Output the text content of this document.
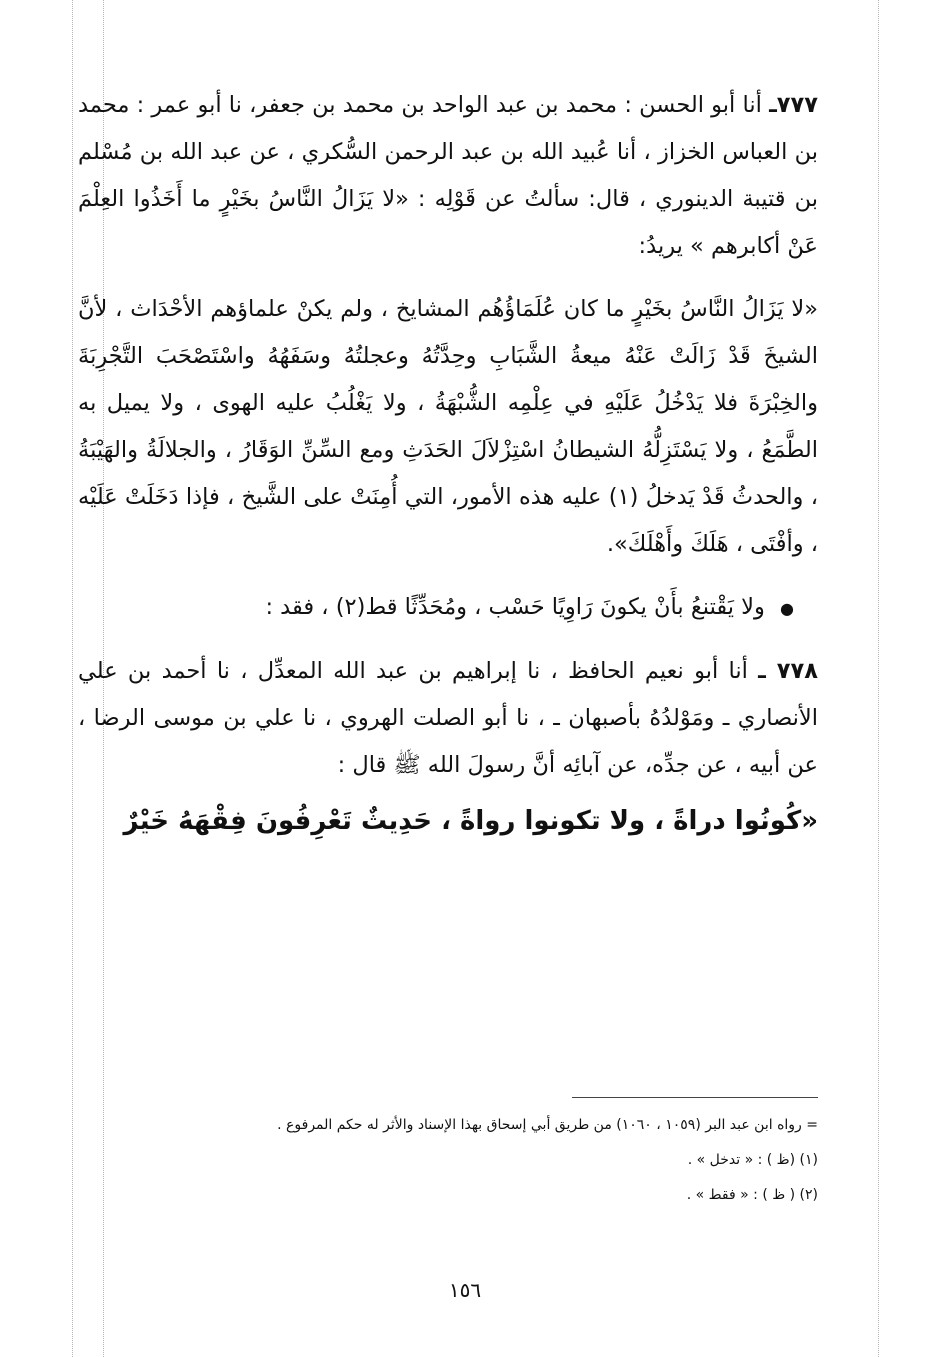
٧٧٧ـ أنا أبو الحسن : محمد بن عبد الواحد بن محمد بن جعفر، نا أبو عمر : محمد بن العباس الخزاز ، أنا عُبيد الله بن عبد الرحمن السُّكري ، عن عبد الله بن مُسْلم بن قتيبة الدينوري ، قال: سألتُ عن قَوْلِه : «لا يَزَالُ النَّاسُ بخَيْرٍ ما أَخَذُوا العِلْمَ عَنْ أكابرهم » يريدُ:

«لا يَزَالُ النَّاسُ بخَيْرٍ ما كان عُلَمَاؤُهُم المشايخ ، ولم يكنْ علماؤهم الأحْدَاث ، لأنَّ الشيخَ قَدْ زَالَتْ عَنْهُ ميعةُ الشَّبَابِ وحِدَّتُهُ وعجلتُهُ وسَفَهُهُ واسْتَصْحَبَ التَّجْرِبَةَ والخِبْرَةَ فلا يَدْخُلُ عَلَيْهِ في عِلْمِه الشُّبْهَةُ ، ولا يَغْلُبُ عليه الهوى ، ولا يميل به الطَّمَعُ ، ولا يَسْتَزِلُّهُ الشيطانُ اسْتِزْلاَلَ الحَدَثِ ومع السِّنِّ الوَقَارُ ، والجلالَةُ والهَيْبَةُ ، والحدثُ قَدْ يَدخلُ (١) عليه هذه الأمور، التي أُمِنَتْ على الشَّيخ ، فإذا دَخَلَتْ عَلَيْه ، وأفْتَى ، هَلَكَ وأَهْلَكَ».

● ولا يَقْتنعُ بأَنْ يكونَ رَاوِيًا حَسْب ، ومُحَدِّثًا قط(٢) ، فقد :

٧٧٨ ـ أنا أبو نعيم الحافظ ، نا إبراهيم بن عبد الله المعدِّل ، نا أحمد بن علي الأنصاري ـ ومَوْلدُهُ بأصبهان ـ ، نا أبو الصلت الهروي ، نا علي بن موسى الرضا ، عن أبيه ، عن جدِّه، عن آبائِه أنَّ رسولَ الله ﷺ قال :

«كُونُوا دراةً ، ولا تكونوا رواةً ، حَدِيثٌ تَعْرِفُونَ فِقْهَهُ خَيْرٌ

= رواه ابن عبد البر (١٠٥٩ ، ١٠٦٠) من طريق أبي إسحاق بهذا الإسناد والأثر له حكم المرفوع .
(١) (ظ ) : « تدخل » .
(٢) ( ظ ) : « فقط » .
١٥٦
